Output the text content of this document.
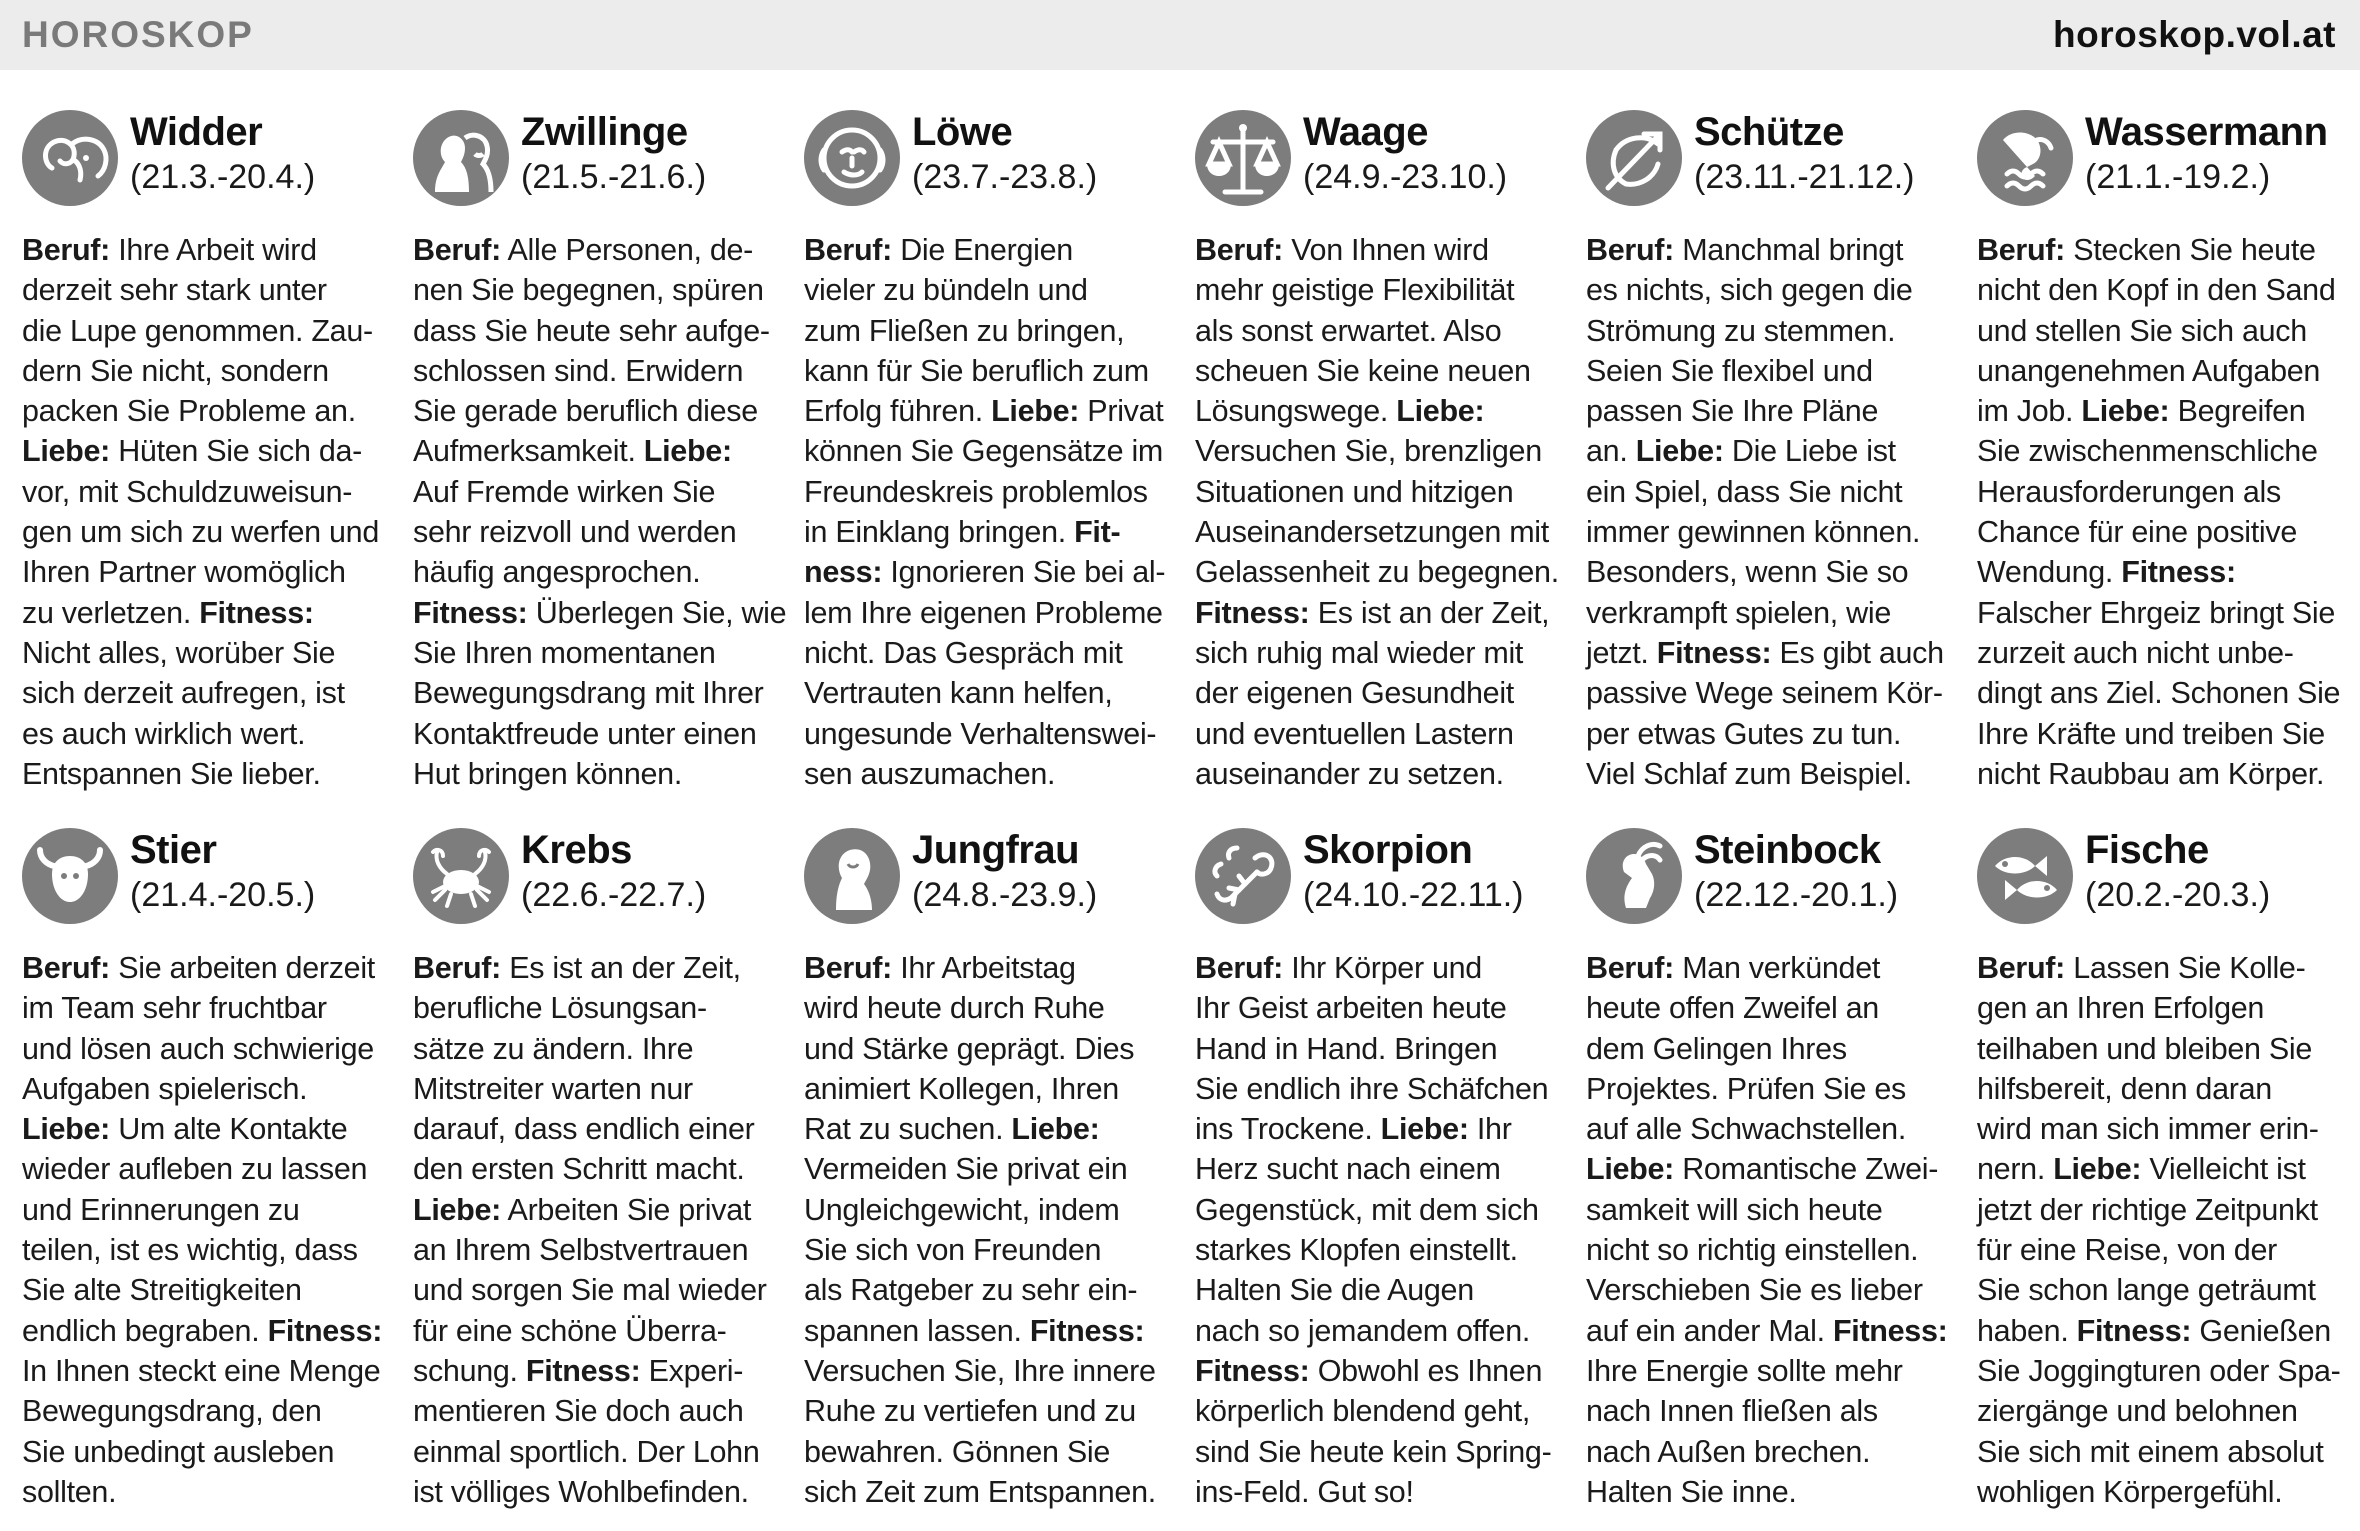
HOROSKOP	horoskop.vol.at
Widder
(21.3.-20.4.)
Beruf: Ihre Arbeit wird
derzeit sehr stark unter
die Lupe genommen. Zau-
dern Sie nicht, sondern
packen Sie Probleme an.
Liebe: Hüten Sie sich da-
vor, mit Schuldzuweisun-
gen um sich zu werfen und
Ihren Partner womöglich
zu verletzen. Fitness:
Nicht alles, worüber Sie
sich derzeit aufregen, ist
es auch wirklich wert.
Entspannen Sie lieber.
Zwillinge
(21.5.-21.6.)
Beruf: Alle Personen, de-
nen Sie begegnen, spüren
dass Sie heute sehr aufge-
schlossen sind. Erwidern
Sie gerade beruflich diese
Aufmerksamkeit. Liebe:
Auf Fremde wirken Sie
sehr reizvoll und werden
häufig angesprochen.
Fitness: Überlegen Sie, wie
Sie Ihren momentanen
Bewegungsdrang mit Ihrer
Kontaktfreude unter einen
Hut bringen können.
Löwe
(23.7.-23.8.)
Beruf: Die Energien
vieler zu bündeln und
zum Fließen zu bringen,
kann für Sie beruflich zum
Erfolg führen. Liebe: Privat
können Sie Gegensätze im
Freundeskreis problemlos
in Einklang bringen. Fit-
ness: Ignorieren Sie bei al-
lem Ihre eigenen Probleme
nicht. Das Gespräch mit
Vertrauten kann helfen,
ungesunde Verhaltenswei-
sen auszumachen.
Waage
(24.9.-23.10.)
Beruf: Von Ihnen wird
mehr geistige Flexibilität
als sonst erwartet. Also
scheuen Sie keine neuen
Lösungswege. Liebe:
Versuchen Sie, brenzligen
Situationen und hitzigen
Auseinandersetzungen mit
Gelassenheit zu begegnen.
Fitness: Es ist an der Zeit,
sich ruhig mal wieder mit
der eigenen Gesundheit
und eventuellen Lastern
auseinander zu setzen.
Schütze
(23.11.-21.12.)
Beruf: Manchmal bringt
es nichts, sich gegen die
Strömung zu stemmen.
Seien Sie flexibel und
passen Sie Ihre Pläne
an. Liebe: Die Liebe ist
ein Spiel, dass Sie nicht
immer gewinnen können.
Besonders, wenn Sie so
verkrampft spielen, wie
jetzt. Fitness: Es gibt auch
passive Wege seinem Kör-
per etwas Gutes zu tun.
Viel Schlaf zum Beispiel.
Wassermann
(21.1.-19.2.)
Beruf: Stecken Sie heute
nicht den Kopf in den Sand
und stellen Sie sich auch
unangenehmen Aufgaben
im Job. Liebe: Begreifen
Sie zwischenmenschliche
Herausforderungen als
Chance für eine positive
Wendung. Fitness:
Falscher Ehrgeiz bringt Sie
zurzeit auch nicht unbe-
dingt ans Ziel. Schonen Sie
Ihre Kräfte und treiben Sie
nicht Raubbau am Körper.
Stier
(21.4.-20.5.)
Beruf: Sie arbeiten derzeit
im Team sehr fruchtbar
und lösen auch schwierige
Aufgaben spielerisch.
Liebe: Um alte Kontakte
wieder aufleben zu lassen
und Erinnerungen zu
teilen, ist es wichtig, dass
Sie alte Streitigkeiten
endlich begraben. Fitness:
In Ihnen steckt eine Menge
Bewegungsdrang, den
Sie unbedingt ausleben
sollten.
Krebs
(22.6.-22.7.)
Beruf: Es ist an der Zeit,
berufliche Lösungsan-
sätze zu ändern. Ihre
Mitstreiter warten nur
darauf, dass endlich einer
den ersten Schritt macht.
Liebe: Arbeiten Sie privat
an Ihrem Selbstvertrauen
und sorgen Sie mal wieder
für eine schöne Überra-
schung. Fitness: Experi-
mentieren Sie doch auch
einmal sportlich. Der Lohn
ist völliges Wohlbefinden.
Jungfrau
(24.8.-23.9.)
Beruf: Ihr Arbeitstag
wird heute durch Ruhe
und Stärke geprägt. Dies
animiert Kollegen, Ihren
Rat zu suchen. Liebe:
Vermeiden Sie privat ein
Ungleichgewicht, indem
Sie sich von Freunden
als Ratgeber zu sehr ein-
spannen lassen. Fitness:
Versuchen Sie, Ihre innere
Ruhe zu vertiefen und zu
bewahren. Gönnen Sie
sich Zeit zum Entspannen.
Skorpion
(24.10.-22.11.)
Beruf: Ihr Körper und
Ihr Geist arbeiten heute
Hand in Hand. Bringen
Sie endlich ihre Schäfchen
ins Trockene. Liebe: Ihr
Herz sucht nach einem
Gegenstück, mit dem sich
starkes Klopfen einstellt.
Halten Sie die Augen
nach so jemandem offen.
Fitness: Obwohl es Ihnen
körperlich blendend geht,
sind Sie heute kein Spring-
ins-Feld. Gut so!
Steinbock
(22.12.-20.1.)
Beruf: Man verkündet
heute offen Zweifel an
dem Gelingen Ihres
Projektes. Prüfen Sie es
auf alle Schwachstellen.
Liebe: Romantische Zwei-
samkeit will sich heute
nicht so richtig einstellen.
Verschieben Sie es lieber
auf ein ander Mal. Fitness:
Ihre Energie sollte mehr
nach Innen fließen als
nach Außen brechen.
Halten Sie inne.
Fische
(20.2.-20.3.)
Beruf: Lassen Sie Kolle-
gen an Ihren Erfolgen
teilhaben und bleiben Sie
hilfsbereit, denn daran
wird man sich immer erin-
nern. Liebe: Vielleicht ist
jetzt der richtige Zeitpunkt
für eine Reise, von der
Sie schon lange geträumt
haben. Fitness: Genießen
Sie Joggingturen oder Spa-
ziergänge und belohnen
Sie sich mit einem absolut
wohligen Körpergefühl.
